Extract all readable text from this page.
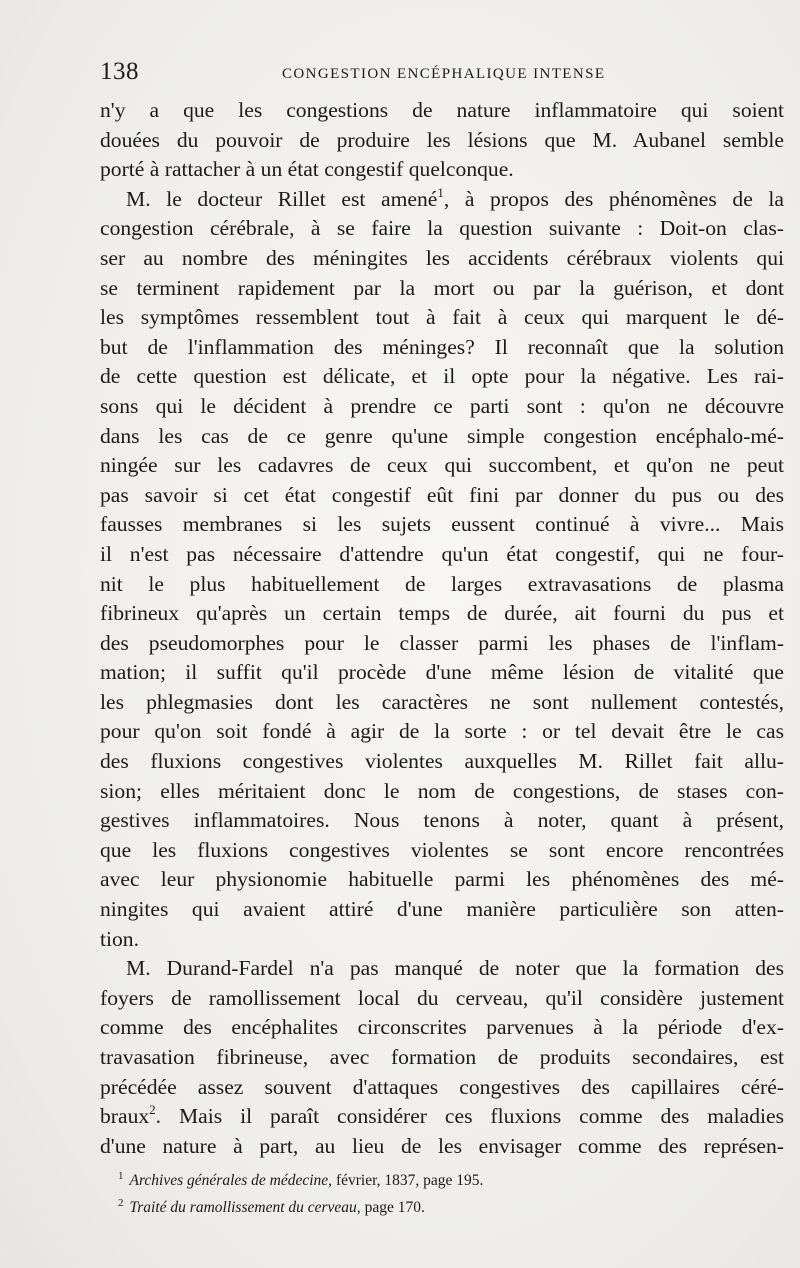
138	CONGESTION ENCÉPHALIQUE INTENSE
n'y a que les congestions de nature inflammatoire qui soient
douées du pouvoir de produire les lésions que M. Aubanel semble
porté à rattacher à un état congestif quelconque.
M. le docteur Rillet est amené$^1$, à propos des phénomènes de la
congestion cérébrale, à se faire la question suivante : Doit-on clas-
ser au nombre des méningites les accidents cérébraux violents qui
se terminent rapidement par la mort ou par la guérison, et dont
les symptômes ressemblent tout à fait à ceux qui marquent le dé-
but de l'inflammation des méninges? Il reconnaît que la solution
de cette question est délicate, et il opte pour la négative. Les rai-
sons qui le décident à prendre ce parti sont : qu'on ne découvre
dans les cas de ce genre qu'une simple congestion encéphalo-mé-
ningée sur les cadavres de ceux qui succombent, et qu'on ne peut
pas savoir si cet état congestif eût fini par donner du pus ou des
fausses membranes si les sujets eussent continué à vivre... Mais
il n'est pas nécessaire d'attendre qu'un état congestif, qui ne four-
nit le plus habituellement de larges extravasations de plasma
fibrineux qu'après un certain temps de durée, ait fourni du pus et
des pseudomorphes pour le classer parmi les phases de l'inflam-
mation; il suffit qu'il procède d'une même lésion de vitalité que
les phlegmasies dont les caractères ne sont nullement contestés,
pour qu'on soit fondé à agir de la sorte : or tel devait être le cas
des fluxions congestives violentes auxquelles M. Rillet fait allu-
sion; elles méritaient donc le nom de congestions, de stases con-
gestives inflammatoires. Nous tenons à noter, quant à présent,
que les fluxions congestives violentes se sont encore rencontrées
avec leur physionomie habituelle parmi les phénomènes des mé-
ningites qui avaient attiré d'une manière particulière son atten-
tion.
M. Durand-Fardel n'a pas manqué de noter que la formation des
foyers de ramollissement local du cerveau, qu'il considère justement
comme des encéphalites circonscrites parvenues à la période d'ex-
travasation fibrineuse, avec formation de produits secondaires, est
précédée assez souvent d'attaques congestives des capillaires céré-
braux$^2$. Mais il paraît considérer ces fluxions comme des maladies
d'une nature à part, au lieu de les envisager comme des représen-
$^1$ Archives générales de médecine, février, 1837, page 195.
$^2$ Traité du ramollissement du cerveau, page 170.
